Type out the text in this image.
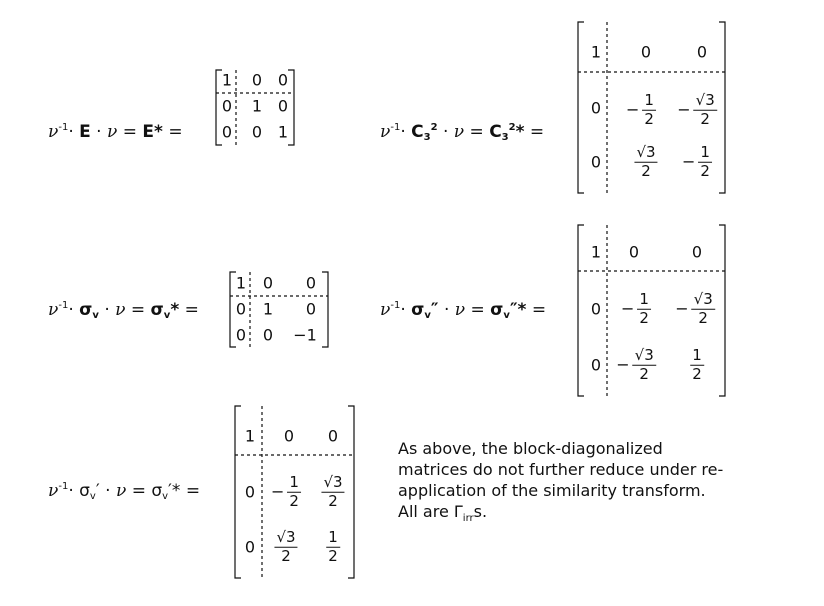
$\nu^{-1}\cdot E \cdot \nu = E*$ =
1 0 0
0 1 0
0 0 1	$\nu^{-1}\cdot C_3^2 \cdot \nu = C_3^2*$ =
1 0	0
$0 - \frac{1}{2} - \frac{√3}{2}$
$0 \frac{√3}{2} - \frac{1}{2}$
$\nu^{-1}\cdot \sigma_v \cdot \nu = \sigma_v*$ =
1 0 0
0 1 0
0 0 −1
$\nu^{-1}\cdot \sigma_v'' \cdot \nu = \sigma_v''*$ =
1 0	0
$0 - \frac{1}{2} - \frac{√3}{2}$
$0 - \frac{√3}{2} \frac{1}{2}$
$\nu^{-1}\cdot \sigma_v' \cdot \nu = \sigma_v'*$ =
1 0 0
$0 - \frac{1}{2} \frac{√3}{2}$
$0 \frac{√3}{2} \frac{1}{2}$
As above, the block-diagonalized
matrices do not further reduce under re-
application of the similarity transform.
All are $\Gamma_{irr}s$.
